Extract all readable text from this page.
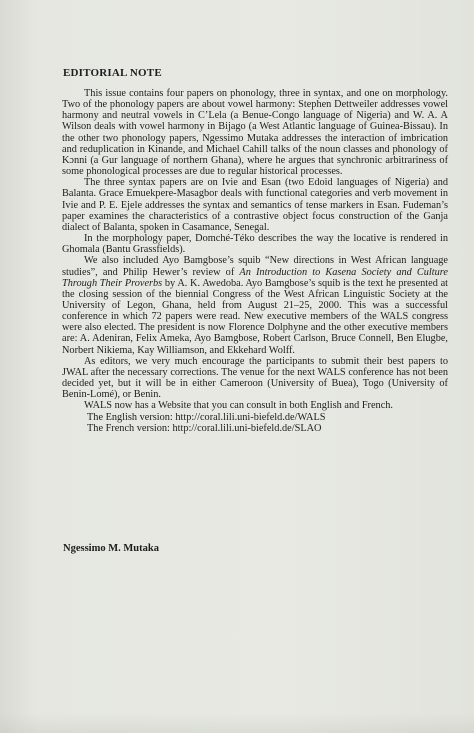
EDITORIAL NOTE

This issue contains four papers on phonology, three in syntax, and one on morphology. Two of the phonology papers are about vowel harmony: Stephen Dettweiler addresses vowel harmony and neutral vowels in C’Lela (a Benue-Congo language of Nigeria) and W. A. A Wilson deals with vowel harmony in Bijago (a West Atlantic language of Guinea-Bissau). In the other two phonology papers, Ngessimo Mutaka addresses the interaction of imbrication and reduplication in Kinande, and Michael Cahill talks of the noun classes and phonology of Kɔnni (a Gur language of northern Ghana), where he argues that synchronic arbitrariness of some phonological processes are due to regular historical processes.

The three syntax papers are on Ivie and Esan (two Edoid languages of Nigeria) and Balanta. Grace Emuekpere-Masagbor deals with functional categories and verb movement in Ivie and P. E. Ejele addresses the syntax and semantics of tense markers in Esan. Fudeman’s paper examines the characteristics of a contrastive object focus construction of the Ganja dialect of Balanta, spoken in Casamance, Senegal.

In the morphology paper, Domché-Téko describes the way the locative is rendered in Ghomala (Bantu Grassfields).

We also included Ayo Bamgbose’s squib “New directions in West African language studies”, and Philip Hewer’s review of An Introduction to Kasena Society and Culture Through Their Proverbs by A. K. Awedoba. Ayo Bamgbose’s squib is the text he presented at the closing session of the biennial Congress of the West African Linguistic Society at the University of Legon, Ghana, held from August 21–25, 2000. This was a successful conference in which 72 papers were read. New executive members of the WALS congress were also elected. The president is now Florence Dolphyne and the other executive members are: A. Adeniran, Felix Ameka, Ayo Bamgbose, Robert Carlson, Bruce Connell, Ben Elugbe, Norbert Nikiema, Kay Williamson, and Ekkehard Wolff.

As editors, we very much encourage the participants to submit their best papers to JWAL after the necessary corrections. The venue for the next WALS conference has not been decided yet, but it will be in either Cameroon (University of Buea), Togo (University of Benin-Lomé), or Benin.

WALS now has a Website that you can consult in both English and French.

The English version: http://coral.lili.uni-biefeld.de/WALS
The French version: http://coral.lili.uni-biefeld.de/SLAO
Ngessimo M. Mutaka
